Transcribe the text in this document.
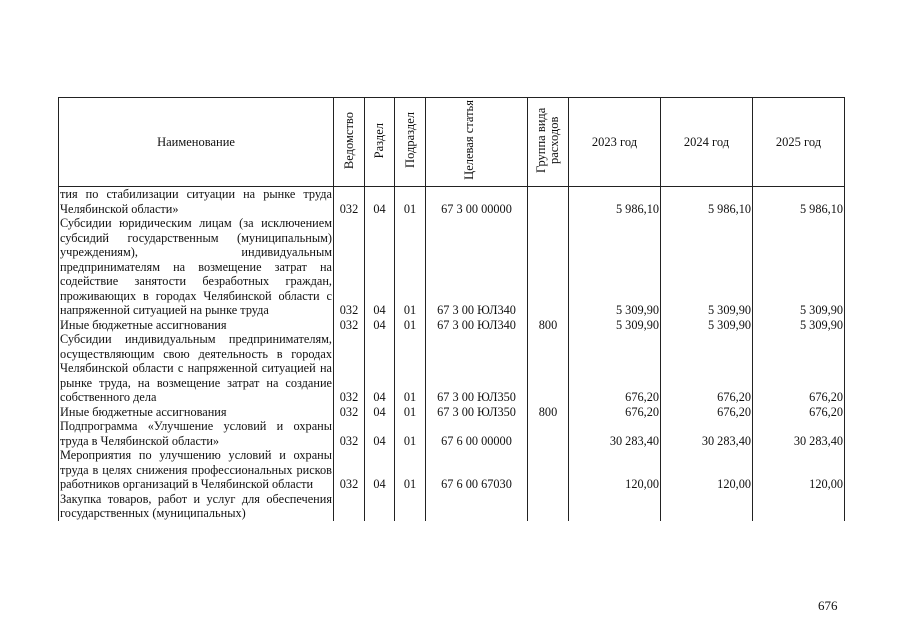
Наименование	Ведомство	Раздел	Подраздел	Целевая статья	Группа вида расходов	2023 год	2024 год	2025 год
тия по стабилизации ситуации на рынке труда Челябинской области»	032	04	01	67 3 00 00000		5 986,10	5 986,10	5 986,10
Субсидии юридическим лицам (за исключением субсидий государственным (муниципальным) учреждениям), индивидуальным предпринимателям на возмещение затрат на содействие занятости безработных граждан, проживающих в городах Челябинской области с напряженной ситуацией на рынке труда	032	04	01	67 3 00 ЮЛ340		5 309,90	5 309,90	5 309,90
Иные бюджетные ассигнования	032	04	01	67 3 00 ЮЛ340	800	5 309,90	5 309,90	5 309,90
Субсидии индивидуальным предпринимателям, осуществляющим свою деятельность в городах Челябинской области с напряженной ситуацией на рынке труда, на возмещение затрат на создание собственного дела	032	04	01	67 3 00 ЮЛ350		676,20	676,20	676,20
Иные бюджетные ассигнования	032	04	01	67 3 00 ЮЛ350	800	676,20	676,20	676,20
Подпрограмма «Улучшение условий и охраны труда в Челябинской области»	032	04	01	67 6 00 00000		30 283,40	30 283,40	30 283,40
Мероприятия по улучшению условий и охраны труда в целях снижения профессиональных рисков работников организаций в Челябинской области	032	04	01	67 6 00 67030		120,00	120,00	120,00
Закупка товаров, работ и услуг для обеспечения государственных (муниципальных)								
676
